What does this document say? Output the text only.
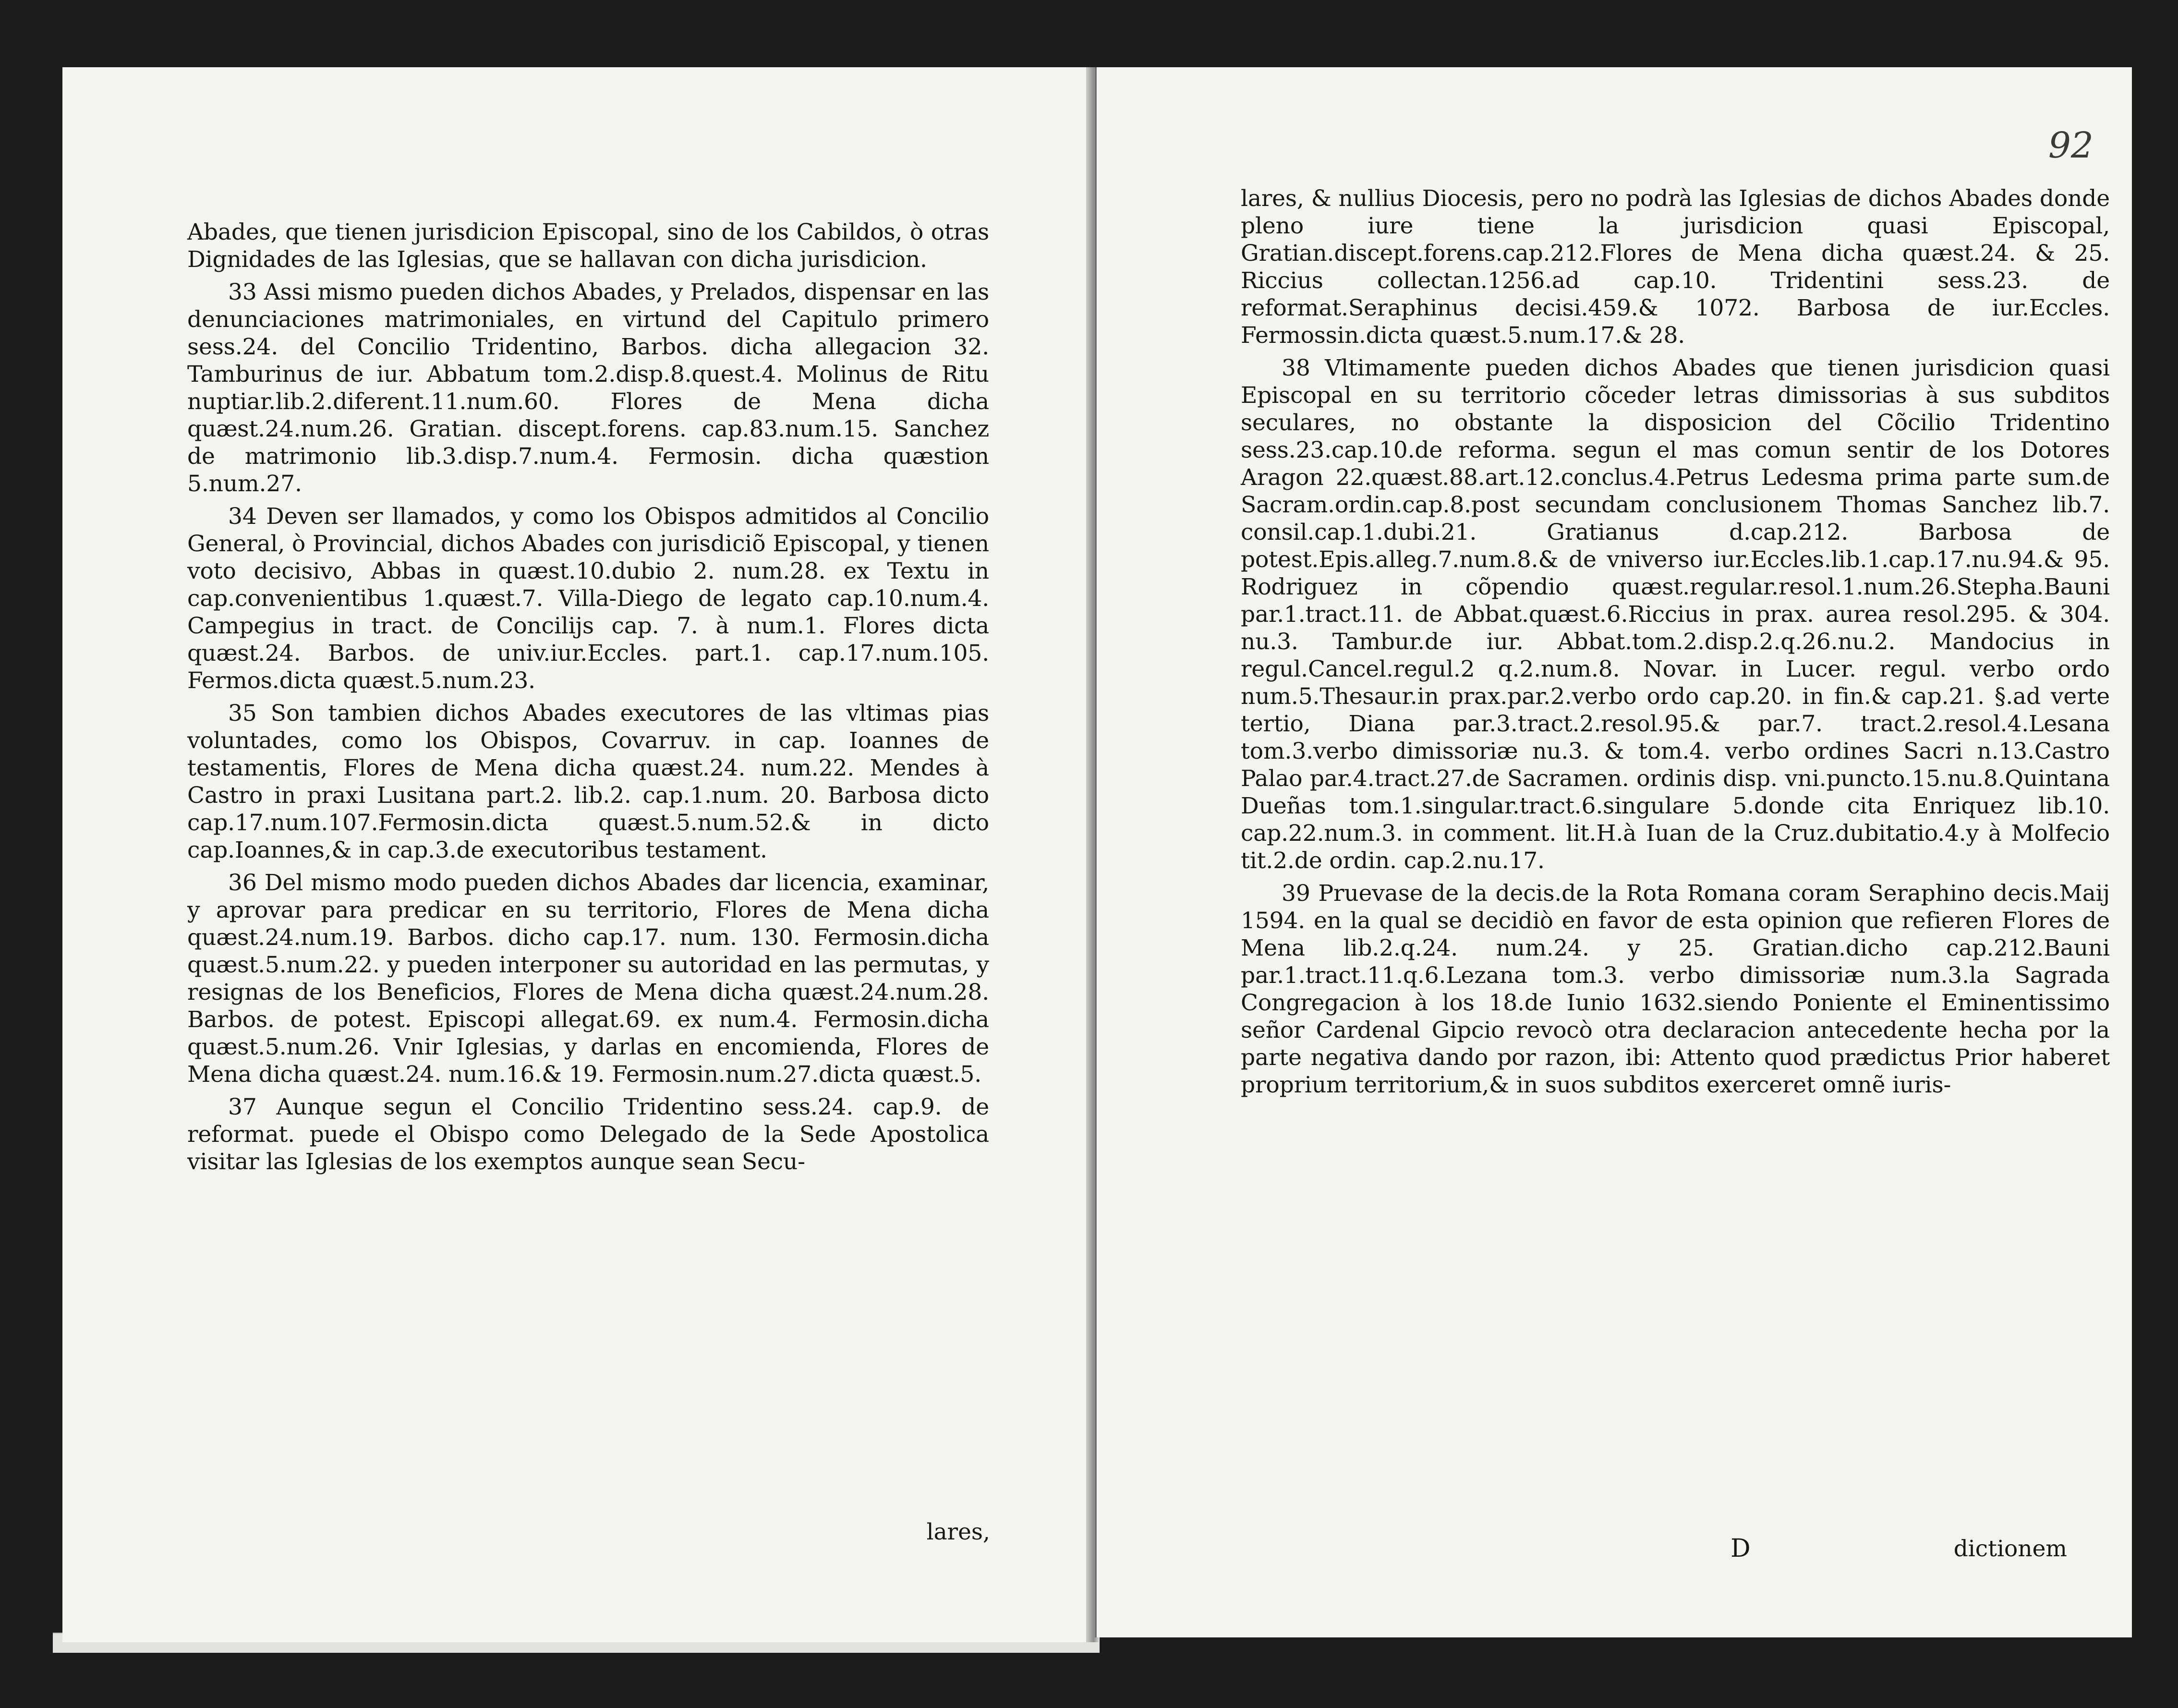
Abades, que tienen jurisdicion Episcopal, sino de los Cabildos, ò otras Dignidades de las Iglesias, que se hallavan con dicha jurisdicion.

33 Assi mismo pueden dichos Abades, y Prelados, dispensar en las denunciaciones matrimoniales, en virtund del Capitulo primero sess.24. del Concilio Tridentino, Barbos. dicha allegacion 32. Tamburinus de iur. Abbatum tom.2.disp.8.quest.4. Molinus de Ritu nuptiar.lib.2.diferent.11.num.60. Flores de Mena dicha quæst.24.num.26. Gratian. discept.forens. cap.83.num.15. Sanchez de matrimonio lib.3.disp.7.num.4. Fermosin. dicha quæstion 5.num.27.

34 Deven ser llamados, y como los Obispos admitidos al Concilio General, ò Provincial, dichos Abades con jurisdiciõ Episcopal, y tienen voto decisivo, Abbas in quæst.10.dubio 2. num.28. ex Textu in cap.convenientibus 1.quæst.7. Villa-Diego de legato cap.10.num.4. Campegius in tract. de Concilijs cap. 7. à num.1. Flores dicta quæst.24. Barbos. de univ.iur.Eccles. part.1. cap.17.num.105. Fermos.dicta quæst.5.num.23.

35 Son tambien dichos Abades executores de las vltimas pias voluntades, como los Obispos, Covarruv. in cap. Ioannes de testamentis, Flores de Mena dicha quæst.24. num.22. Mendes à Castro in praxi Lusitana part.2. lib.2. cap.1.num. 20. Barbosa dicto cap.17.num.107.Fermosin.dicta quæst.5.num.52.& in dicto cap.Ioannes,& in cap.3.de executoribus testament.

36 Del mismo modo pueden dichos Abades dar licencia, examinar, y aprovar para predicar en su territorio, Flores de Mena dicha quæst.24.num.19. Barbos. dicho cap.17. num. 130. Fermosin.dicha quæst.5.num.22. y pueden interponer su autoridad en las permutas, y resignas de los Beneficios, Flores de Mena dicha quæst.24.num.28. Barbos. de potest. Episcopi allegat.69. ex num.4. Fermosin.dicha quæst.5.num.26. Vnir Iglesias, y darlas en encomienda, Flores de Mena dicha quæst.24. num.16.& 19. Fermosin.num.27.dicta quæst.5.

37 Aunque segun el Concilio Tridentino sess.24. cap.9. de reformat. puede el Obispo como Delegado de la Sede Apostolica visitar las Iglesias de los exemptos aunque sean Secu-

lares,
92

lares, & nullius Diocesis, pero no podrà las Iglesias de dichos Abades donde pleno iure tiene la jurisdicion quasi Episcopal, Gratian.discept.forens.cap.212.Flores de Mena dicha quæst.24. & 25. Riccius collectan.1256.ad cap.10. Tridentini sess.23. de reformat.Seraphinus decisi.459.& 1072. Barbosa de iur.Eccles. Fermossin.dicta quæst.5.num.17.& 28.

38 Vltimamente pueden dichos Abades que tienen jurisdicion quasi Episcopal en su territorio cõceder letras dimissorias à sus subditos seculares, no obstante la disposicion del Cõcilio Tridentino sess.23.cap.10.de reforma. segun el mas comun sentir de los Dotores Aragon 22.quæst.88.art.12.conclus.4.Petrus Ledesma prima parte sum.de Sacram.ordin.cap.8.post secundam conclusionem Thomas Sanchez lib.7. consil.cap.1.dubi.21. Gratianus d.cap.212. Barbosa de potest.Epis.alleg.7.num.8.& de vniverso iur.Eccles.lib.1.cap.17.nu.94.& 95. Rodriguez in cõpendio quæst.regular.resol.1.num.26.Stepha.Bauni par.1.tract.11. de Abbat.quæst.6.Riccius in prax. aurea resol.295. & 304. nu.3. Tambur.de iur. Abbat.tom.2.disp.2.q.26.nu.2. Mandocius in regul.Cancel.regul.2 q.2.num.8. Novar. in Lucer. regul. verbo ordo num.5.Thesaur.in prax.par.2.verbo ordo cap.20. in fin.& cap.21. §.ad verte tertio, Diana par.3.tract.2.resol.95.& par.7. tract.2.resol.4.Lesana tom.3.verbo dimissoriæ nu.3. & tom.4. verbo ordines Sacri n.13.Castro Palao par.4.tract.27.de Sacramen. ordinis disp. vni.puncto.15.nu.8.Quintana Dueñas tom.1.singular.tract.6.singulare 5.donde cita Enriquez lib.10. cap.22.num.3. in comment. lit.H.à Iuan de la Cruz.dubitatio.4.y à Molfecio tit.2.de ordin. cap.2.nu.17.

39 Pruevase de la decis.de la Rota Romana coram Seraphino decis.Maij 1594. en la qual se decidiò en favor de esta opinion que refieren Flores de Mena lib.2.q.24. num.24. y 25. Gratian.dicho cap.212.Bauni par.1.tract.11.q.6.Lezana tom.3. verbo dimissoriæ num.3.la Sagrada Congregacion à los 18.de Iunio 1632.siendo Poniente el Eminentissimo señor Cardenal Gipcio revocò otra declaracion antecedente hecha por la parte negativa dando por razon, ibi: Attento quod prædictus Prior haberet proprium territorium,& in suos subditos exerceret omnẽ iuris-

D	dictionem
